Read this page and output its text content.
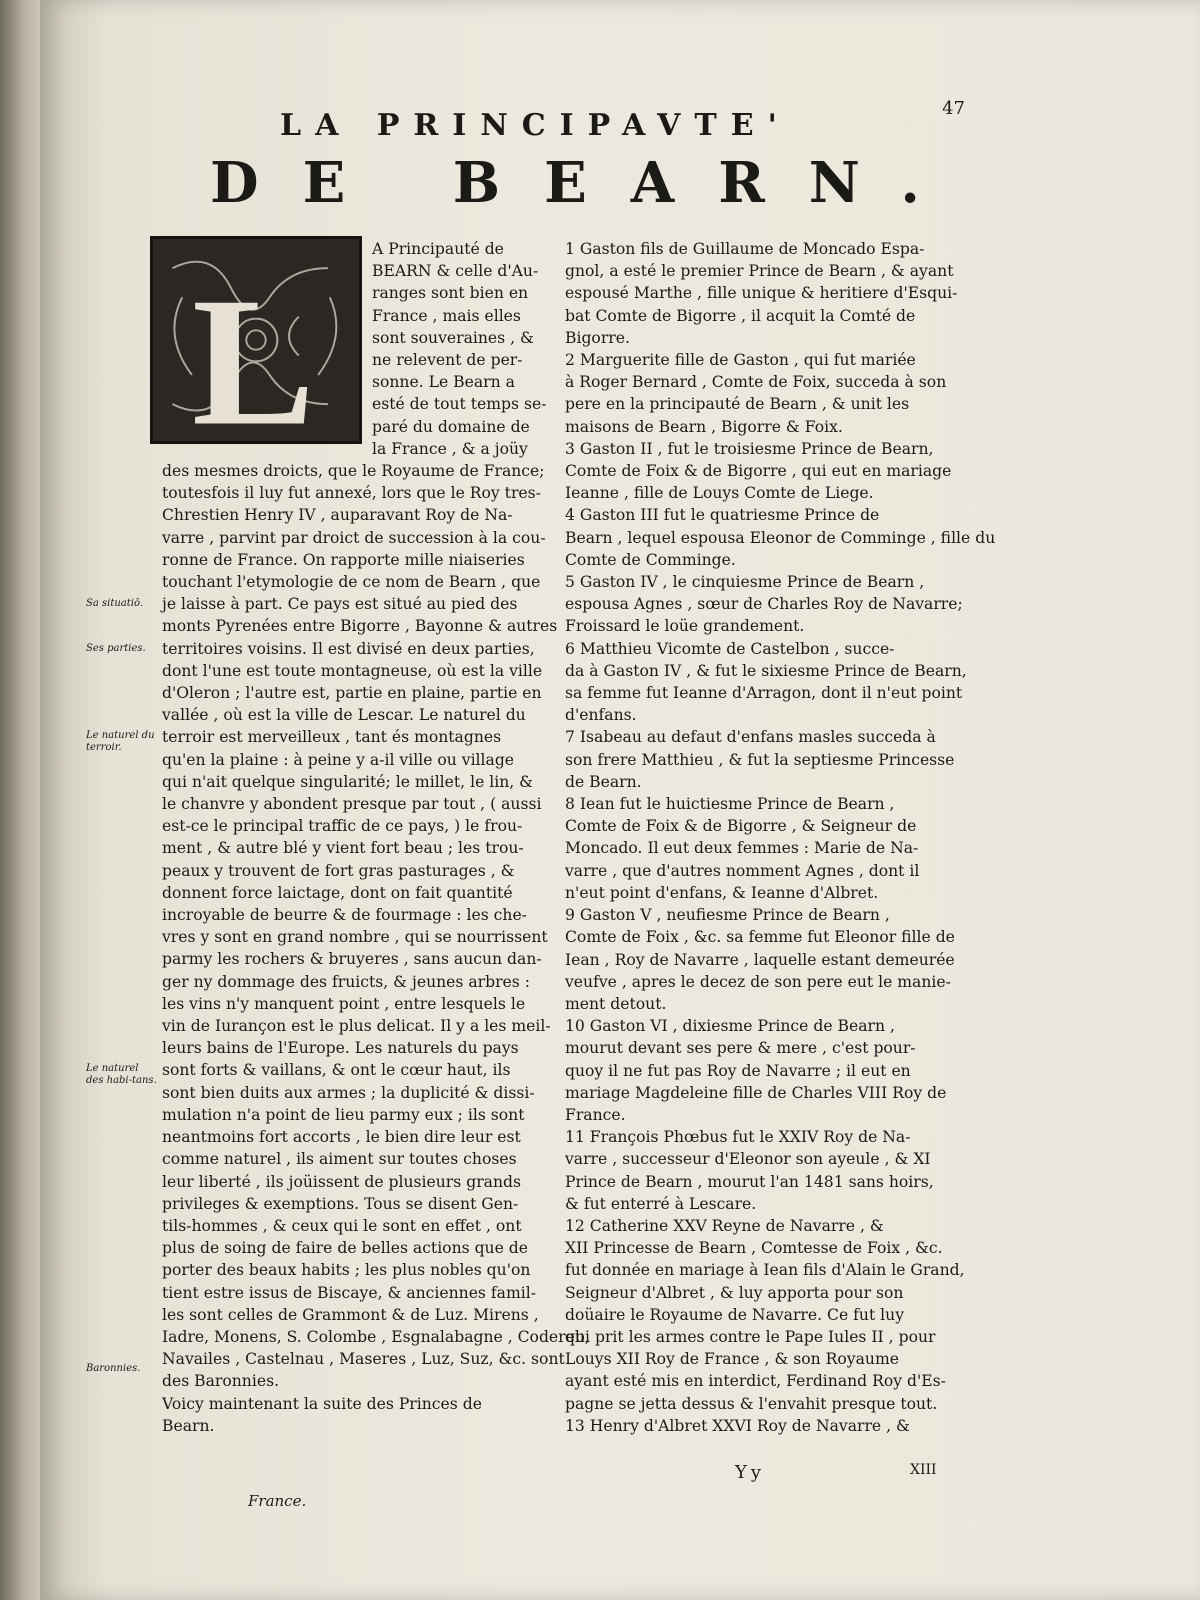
47
LA PRINCIPAVTE'
DE BEARN.
L

A Principauté de

BEARN & celle d'Au-

ranges sont bien en

France , mais elles

sont souveraines , &

ne relevent de per-

sonne. Le Bearn a

esté de tout temps se-

paré du domaine de

la France , & a joüy

des mesmes droicts, que le Royaume de France;

toutesfois il luy fut annexé, lors que le Roy tres-

Chrestien Henry IV , auparavant Roy de Na-

varre , parvint par droict de succession à la cou-

ronne de France. On rapporte mille niaiseries

touchant l'etymologie de ce nom de Bearn , que

je laisse à part. Ce pays est situé au pied des

monts Pyrenées entre Bigorre , Bayonne & autres

territoires voisins. Il est divisé en deux parties,

dont l'une est toute montagneuse, où est la ville

d'Oleron ; l'autre est, partie en plaine, partie en

vallée , où est la ville de Lescar. Le naturel du

terroir est merveilleux , tant és montagnes

qu'en la plaine : à peine y a-il ville ou village

qui n'ait quelque singularité; le millet, le lin, &

le chanvre y abondent presque par tout , ( aussi

est-ce le principal traffic de ce pays, ) le frou-

ment , & autre blé y vient fort beau ; les trou-

peaux y trouvent de fort gras pasturages , &

donnent force laictage, dont on fait quantité

incroyable de beurre & de fourmage : les che-

vres y sont en grand nombre , qui se nourrissent

parmy les rochers & bruyeres , sans aucun dan-

ger ny dommage des fruicts, & jeunes arbres :

les vins n'y manquent point , entre lesquels le

vin de Iurançon est le plus delicat. Il y a les meil-

leurs bains de l'Europe. Les naturels du pays

sont forts & vaillans, & ont le cœur haut, ils

sont bien duits aux armes ; la duplicité & dissi-

mulation n'a point de lieu parmy eux ; ils sont

neantmoins fort accorts , le bien dire leur est

comme naturel , ils aiment sur toutes choses

leur liberté , ils joüissent de plusieurs grands

privileges & exemptions. Tous se disent Gen-

tils-hommes , & ceux qui le sont en effet , ont

plus de soing de faire de belles actions que de

porter des beaux habits ; les plus nobles qu'on

tient estre issus de Biscaye, & anciennes famil-

les sont celles de Grammont & de Luz. Mirens ,

Iadre, Monens, S. Colombe , Esgnalabagne , Codereb,

Navailes , Castelnau , Maseres , Luz, Suz, &c. sont

des Baronnies.

Voicy maintenant la suite des Princes de

Bearn.

1 Gaston fils de Guillaume de Moncado Espa-

gnol, a esté le premier Prince de Bearn , & ayant

espousé Marthe , fille unique & heritiere d'Esqui-

bat Comte de Bigorre , il acquit la Comté de

Bigorre.

2 Marguerite fille de Gaston , qui fut mariée

à Roger Bernard , Comte de Foix, succeda à son

pere en la principauté de Bearn , & unit les

maisons de Bearn , Bigorre & Foix.

3 Gaston II , fut le troisiesme Prince de Bearn,

Comte de Foix & de Bigorre , qui eut en mariage

Ieanne , fille de Louys Comte de Liege.

4 Gaston III fut le quatriesme Prince de

Bearn , lequel espousa Eleonor de Comminge , fille du

Comte de Comminge.

5 Gaston IV , le cinquiesme Prince de Bearn ,

espousa Agnes , sœur de Charles Roy de Navarre;

Froissard le loüe grandement.

6 Matthieu Vicomte de Castelbon , succe-

da à Gaston IV , & fut le sixiesme Prince de Bearn,

sa femme fut Ieanne d'Arragon, dont il n'eut point

d'enfans.

7 Isabeau au defaut d'enfans masles succeda à

son frere Matthieu , & fut la septiesme Princesse

de Bearn.

8 Iean fut le huictiesme Prince de Bearn ,

Comte de Foix & de Bigorre , & Seigneur de

Moncado. Il eut deux femmes : Marie de Na-

varre , que d'autres nomment Agnes , dont il

n'eut point d'enfans, & Ieanne d'Albret.

9 Gaston V , neufiesme Prince de Bearn ,

Comte de Foix , &c. sa femme fut Eleonor fille de

Iean , Roy de Navarre , laquelle estant demeurée

veufve , apres le decez de son pere eut le manie-

ment detout.

10 Gaston VI , dixiesme Prince de Bearn ,

mourut devant ses pere & mere , c'est pour-

quoy il ne fut pas Roy de Navarre ; il eut en

mariage Magdeleine fille de Charles VIII Roy de

France.

11 François Phœbus fut le XXIV Roy de Na-

varre , successeur d'Eleonor son ayeule , & XI

Prince de Bearn , mourut l'an 1481 sans hoirs,

& fut enterré à Lescare.

12 Catherine XXV Reyne de Navarre , &

XII Princesse de Bearn , Comtesse de Foix , &c.

fut donnée en mariage à Iean fils d'Alain le Grand,

Seigneur d'Albret , & luy apporta pour son

doüaire le Royaume de Navarre. Ce fut luy

qui prit les armes contre le Pape Iules II , pour

Louys XII Roy de France , & son Royaume

ayant esté mis en interdict, Ferdinand Roy d'Es-

pagne se jetta dessus & l'envahit presque tout.

13 Henry d'Albret XXVI Roy de Navarre , &

Sa situatiō.
Ses parties.
Le naturel du terroir.
Le naturel des habi-tans.
Baronnies.
France.
Yy	XIII
